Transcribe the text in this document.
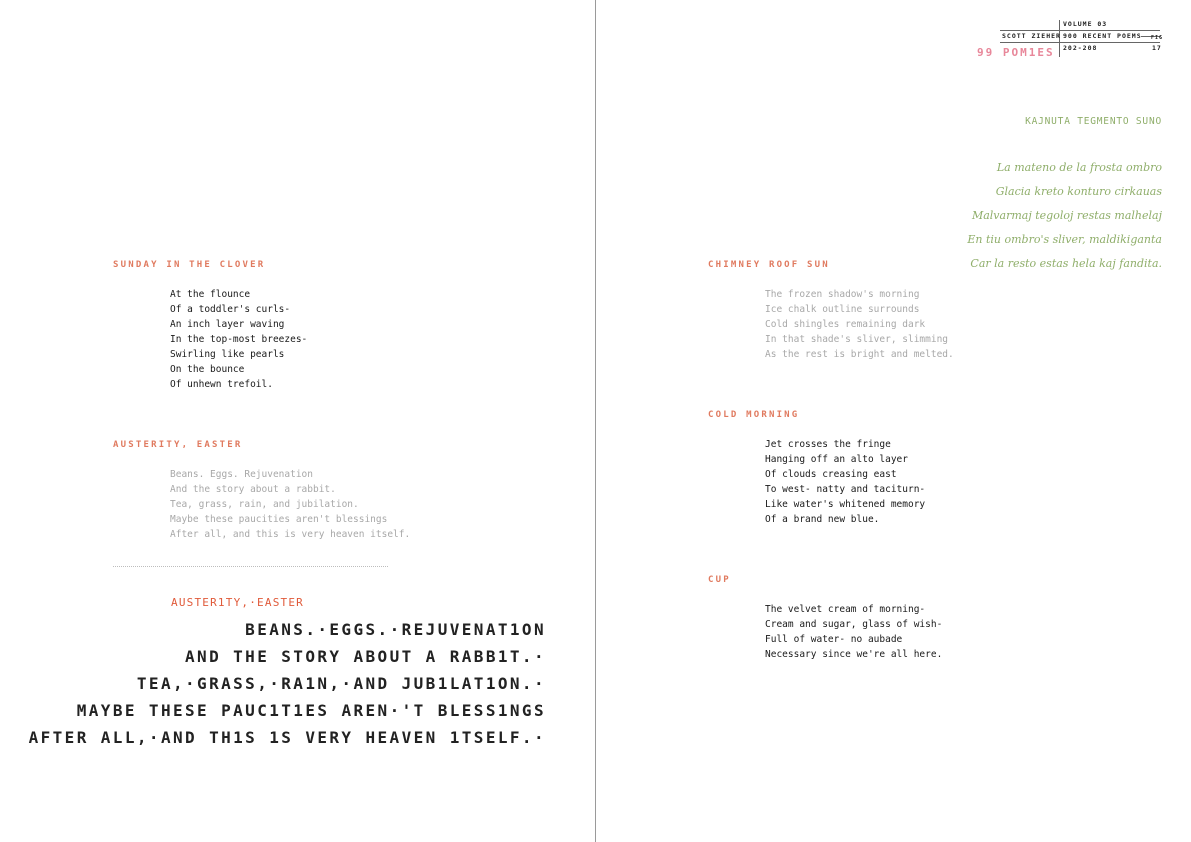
SUNDAY IN THE CLOVER
At the flounce
Of a toddler's curls-
An inch layer waving
In the top-most breezes-
Swirling like pearls
On the bounce
Of unhewn trefoil.
AUSTERITY, EASTER
Beans. Eggs. Rejuvenation
And the story about a rabbit.
Tea, grass, rain, and jubilation.
Maybe these paucities aren't blessings
After all, and this is very heaven itself.
AUSTER1TY,·EASTER
BEANS.·EGGS.·REJUVENAT1ON
AND THE STORY ABOUT A RABB1T.·
TEA,·GRASS,·RA1N,·AND JUB1LAT1ON.·
MAYBE THESE PAUC1T1ES AREN·'T BLESS1NGS
AFTER ALL,·AND TH1S 1S VERY HEAVEN 1TSELF.·
VOLUME 03
SCOTT ZIEHER 900 RECENT POEMS
202-208
FIG
17
99 POM1ES
KAJNUTA TEGMENTO SUNO
La mateno de la frosta ombro
Glacia kreto konturo cirkauas
Malvarmaj tegoloj restas malhelaj
En tiu ombro's sliver, maldikiganta
Car la resto estas hela kaj fandita.
CHIMNEY ROOF SUN
The frozen shadow's morning
Ice chalk outline surrounds
Cold shingles remaining dark
In that shade's sliver, slimming
As the rest is bright and melted.
COLD MORNING
Jet crosses the fringe
Hanging off an alto layer
Of clouds creasing east
To west- natty and taciturn-
Like water's whitened memory
Of a brand new blue.
CUP
The velvet cream of morning-
Cream and sugar, glass of wish-
Full of water- no aubade
Necessary since we're all here.
